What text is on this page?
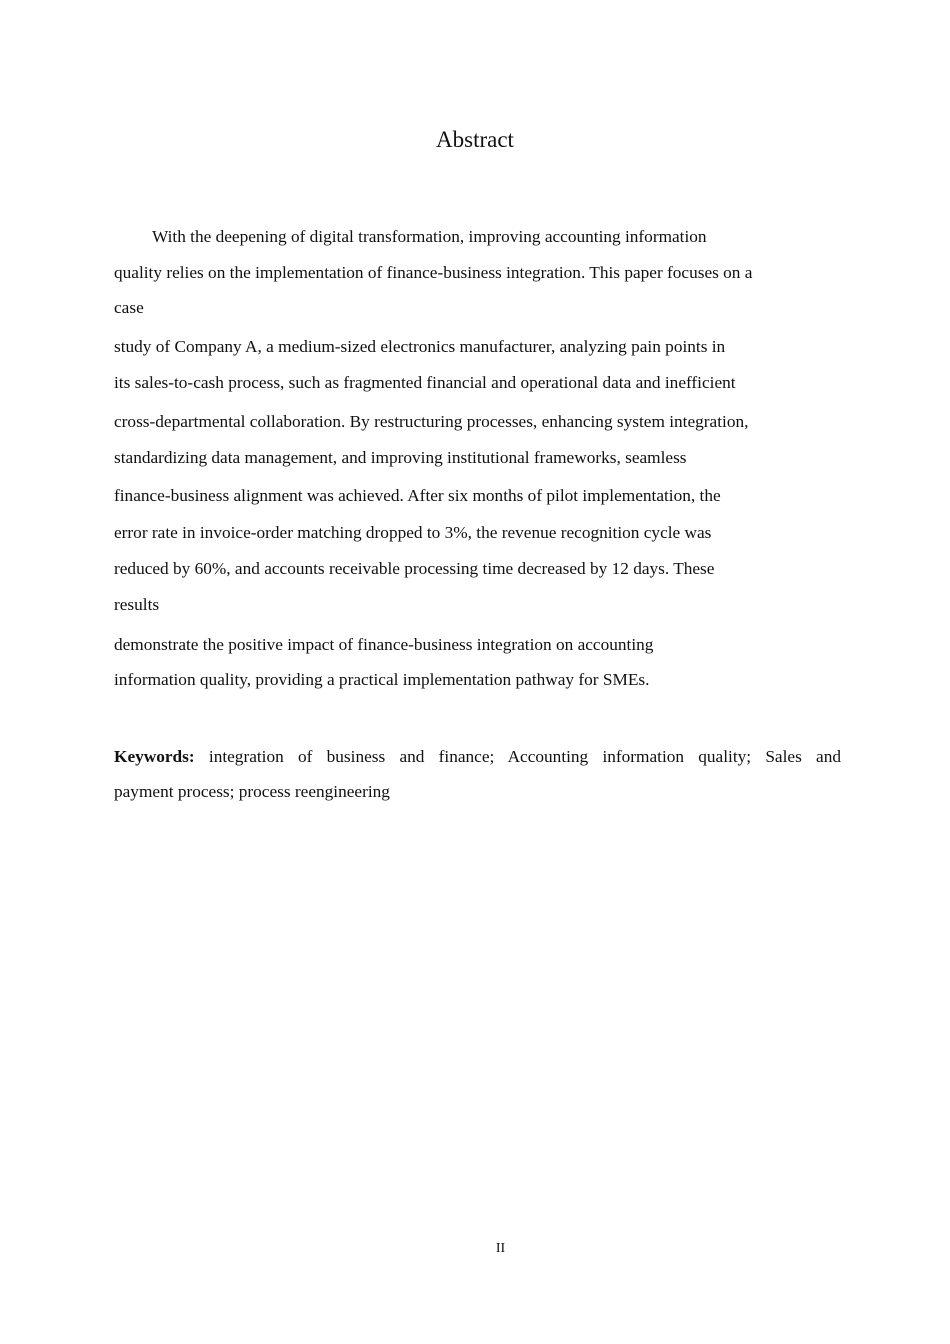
Abstract
With the deepening of digital transformation, improving accounting information
quality relies on the implementation of finance-business integration. This paper focuses on a
case
study of Company A, a medium-sized electronics manufacturer, analyzing pain points in
its sales-to-cash process, such as fragmented financial and operational data and inefficient
cross-departmental collaboration. By restructuring processes, enhancing system integration,
standardizing data management, and improving institutional frameworks, seamless
finance-business alignment was achieved. After six months of pilot implementation, the
error rate in invoice-order matching dropped to 3%, the revenue recognition cycle was
reduced by 60%, and accounts receivable processing time decreased by 12 days. These
results
demonstrate the positive impact of finance-business integration on accounting
information quality, providing a practical implementation pathway for SMEs.
Keywords: integration of business and finance; Accounting information quality; Sales and
payment process; process reengineering
II
